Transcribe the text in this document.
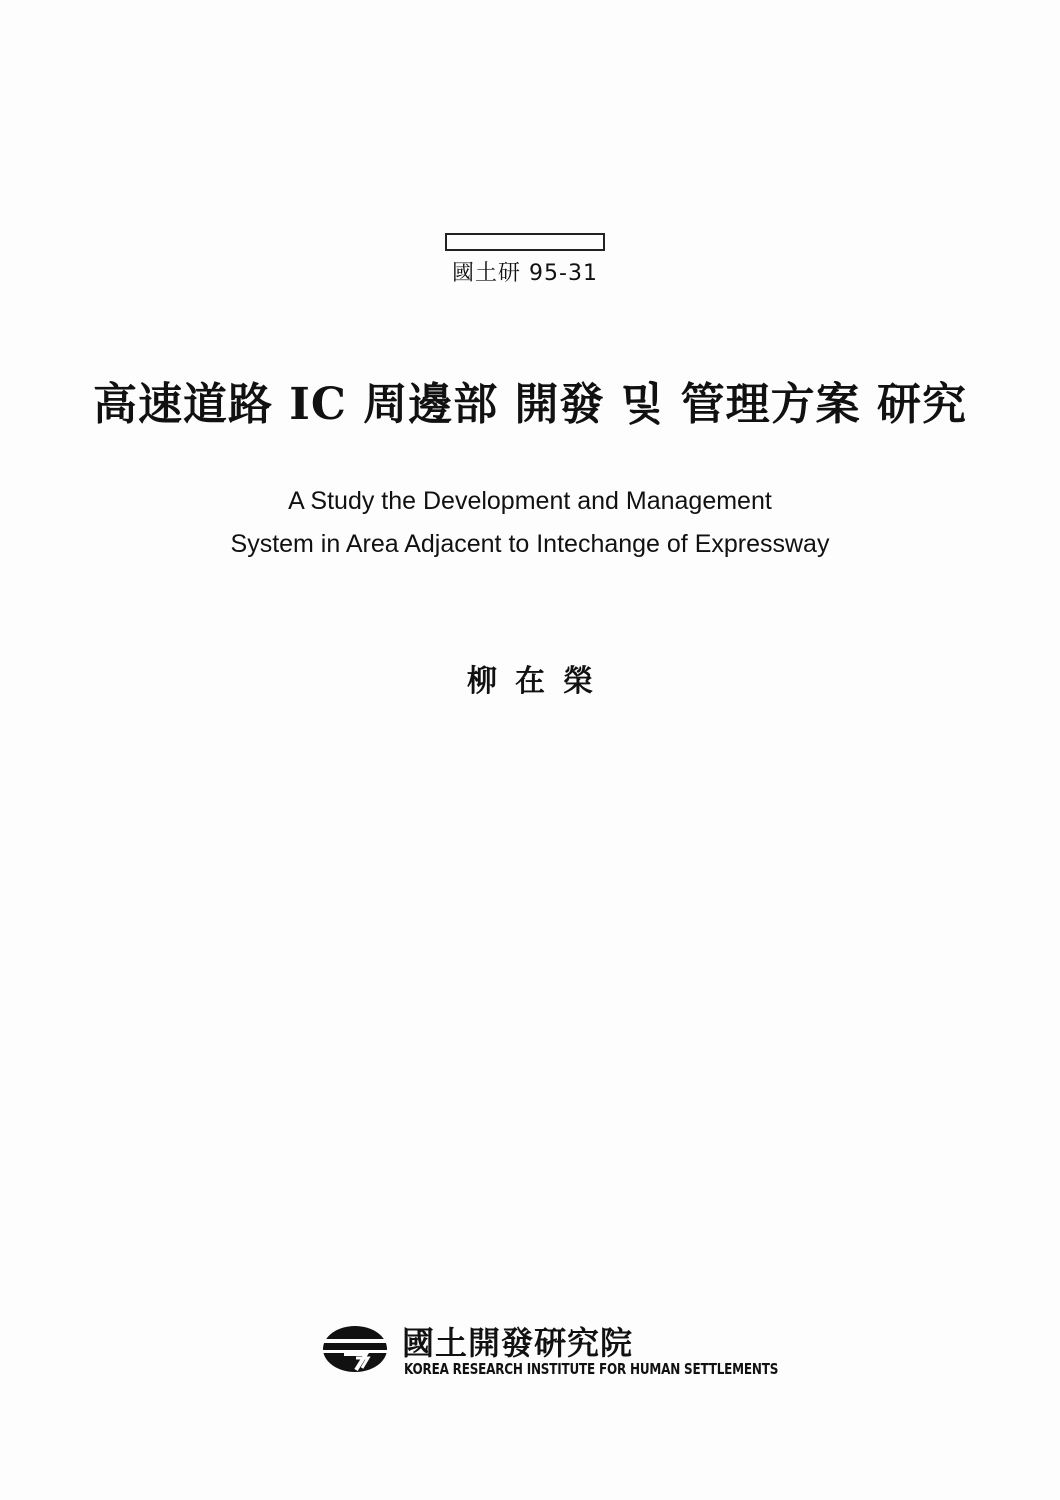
國土研 95-31
高速道路 IC 周邊部 開發 및 管理方案 研究
A Study the Development and Management
System in Area Adjacent to Intechange of Expressway
柳在榮
國土開發硏究院
KOREA RESEARCH INSTITUTE FOR HUMAN SETTLEMENTS
